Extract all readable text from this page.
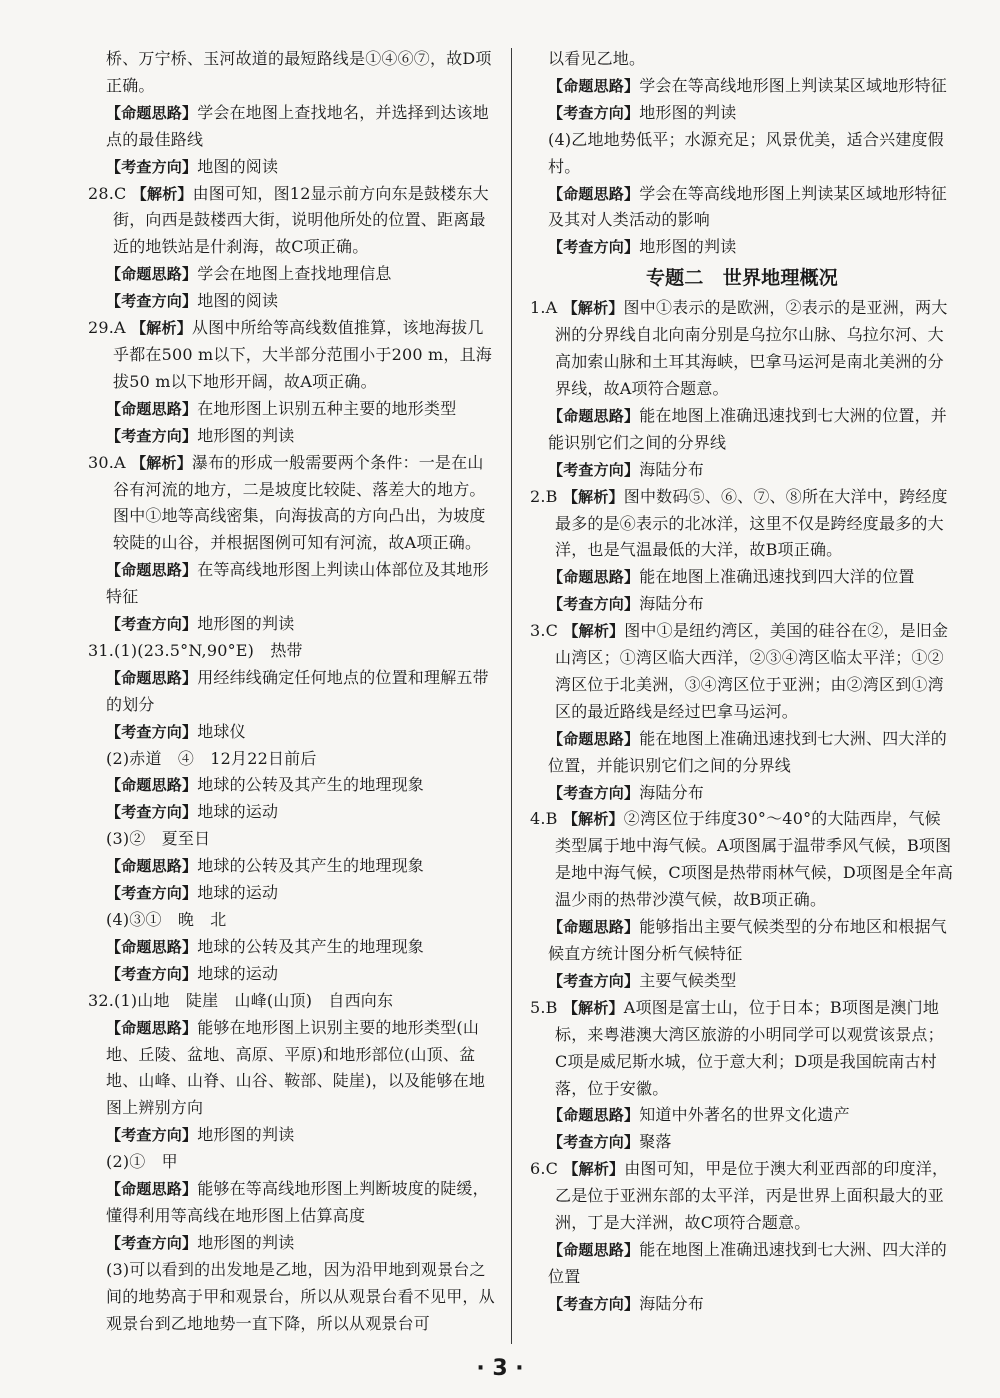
桥、万宁桥、玉河故道的最短路线是①④⑥⑦，故D项正确。

【命题思路】学会在地图上查找地名，并选择到达该地点的最佳路线

【考查方向】地图的阅读

28.C 【解析】由图可知，图12显示前方向东是鼓楼东大街，向西是鼓楼西大街，说明他所处的位置、距离最近的地铁站是什刹海，故C项正确。

【命题思路】学会在地图上查找地理信息

【考查方向】地图的阅读

29.A 【解析】从图中所给等高线数值推算，该地海拔几乎都在500 m以下，大半部分范围小于200 m，且海拔50 m以下地形开阔，故A项正确。

【命题思路】在地形图上识别五种主要的地形类型

【考查方向】地形图的判读

30.A 【解析】瀑布的形成一般需要两个条件：一是在山谷有河流的地方，二是坡度比较陡、落差大的地方。图中①地等高线密集，向海拔高的方向凸出，为坡度较陡的山谷，并根据图例可知有河流，故A项正确。

【命题思路】在等高线地形图上判读山体部位及其地形特征

【考查方向】地形图的判读

31.(1)(23.5°N,90°E)　热带

【命题思路】用经纬线确定任何地点的位置和理解五带的划分

【考查方向】地球仪

(2)赤道　④　12月22日前后

【命题思路】地球的公转及其产生的地理现象

【考查方向】地球的运动

(3)②　夏至日

【命题思路】地球的公转及其产生的地理现象

【考查方向】地球的运动

(4)③①　晚　北

【命题思路】地球的公转及其产生的地理现象

【考查方向】地球的运动

32.(1)山地　陡崖　山峰(山顶)　自西向东

【命题思路】能够在地形图上识别主要的地形类型(山地、丘陵、盆地、高原、平原)和地形部位(山顶、盆地、山峰、山脊、山谷、鞍部、陡崖)，以及能够在地图上辨别方向

【考查方向】地形图的判读

(2)①　甲

【命题思路】能够在等高线地形图上判断坡度的陡缓，懂得利用等高线在地形图上估算高度

【考查方向】地形图的判读

(3)可以看到的出发地是乙地，因为沿甲地到观景台之间的地势高于甲和观景台，所以从观景台看不见甲，从观景台到乙地地势一直下降，所以从观景台可

以看见乙地。

【命题思路】学会在等高线地形图上判读某区域地形特征

【考查方向】地形图的判读

(4)乙地地势低平；水源充足；风景优美，适合兴建度假村。

【命题思路】学会在等高线地形图上判读某区域地形特征及其对人类活动的影响

【考查方向】地形图的判读

专题二　世界地理概况

1.A 【解析】图中①表示的是欧洲，②表示的是亚洲，两大洲的分界线自北向南分别是乌拉尔山脉、乌拉尔河、大高加索山脉和土耳其海峡，巴拿马运河是南北美洲的分界线，故A项符合题意。

【命题思路】能在地图上准确迅速找到七大洲的位置，并能识别它们之间的分界线

【考查方向】海陆分布

2.B 【解析】图中数码⑤、⑥、⑦、⑧所在大洋中，跨经度最多的是⑥表示的北冰洋，这里不仅是跨经度最多的大洋，也是气温最低的大洋，故B项正确。

【命题思路】能在地图上准确迅速找到四大洋的位置

【考查方向】海陆分布

3.C 【解析】图中①是纽约湾区，美国的硅谷在②，是旧金山湾区；①湾区临大西洋，②③④湾区临太平洋；①②湾区位于北美洲，③④湾区位于亚洲；由②湾区到①湾区的最近路线是经过巴拿马运河。

【命题思路】能在地图上准确迅速找到七大洲、四大洋的位置，并能识别它们之间的分界线

【考查方向】海陆分布

4.B 【解析】②湾区位于纬度30°～40°的大陆西岸，气候类型属于地中海气候。A项图属于温带季风气候，B项图是地中海气候，C项图是热带雨林气候，D项图是全年高温少雨的热带沙漠气候，故B项正确。

【命题思路】能够指出主要气候类型的分布地区和根据气候直方统计图分析气候特征

【考查方向】主要气候类型

5.B 【解析】A项图是富士山，位于日本；B项图是澳门地标，来粤港澳大湾区旅游的小明同学可以观赏该景点；C项是威尼斯水城，位于意大利；D项是我国皖南古村落，位于安徽。

【命题思路】知道中外著名的世界文化遗产

【考查方向】聚落

6.C 【解析】由图可知，甲是位于澳大利亚西部的印度洋，乙是位于亚洲东部的太平洋，丙是世界上面积最大的亚洲，丁是大洋洲，故C项符合题意。

【命题思路】能在地图上准确迅速找到七大洲、四大洋的位置

【考查方向】海陆分布

· 3 ·
